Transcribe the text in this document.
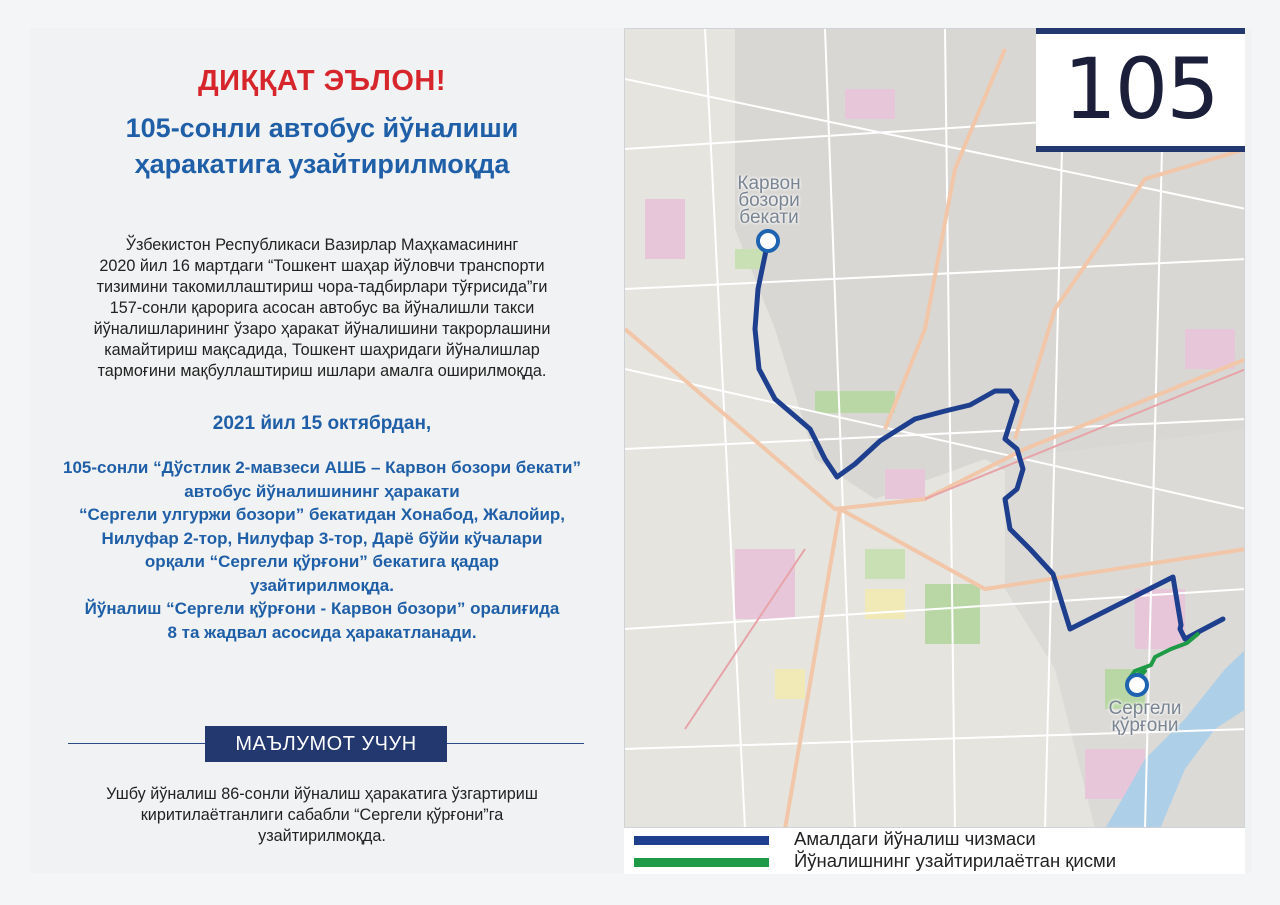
ДИҚҚАТ ЭЪЛОН!
105-сонли автобус йўналиши
ҳаракатига узайтирилмоқда
Ўзбекистон Республикаси Вазирлар Маҳкамасининг
2020 йил 16 мартдаги “Тошкент шаҳар йўловчи транспорти
тизимини такомиллаштириш чора-тадбирлари тўғрисида”ги
157-сонли қарорига асосан автобус ва йўналишли такси
йўналишларининг ўзаро ҳаракат йўналишини такрорлашини
камайтириш мақсадида, Тошкент шаҳридаги йўналишлар
тармоғини мақбуллаштириш ишлари амалга оширилмоқда.
2021 йил 15 октябрдан,
105-сонли “Дўстлик 2-мавзеси АШБ – Карвон бозори бекати”
автобус йўналишининг ҳаракати
“Сергели улгуржи бозори” бекатидан Хонабод, Жалойир,
Нилуфар 2-тор, Нилуфар 3-тор, Дарё бўйи кўчалари
орқали “Сергели қўрғони” бекатига қадар
узайтирилмоқда.
Йўналиш “Сергели қўрғони - Карвон бозори” оралиғида
8 та жадвал асосида ҳаракатланади.
МАЪЛУМОТ УЧУН
Ушбу йўналиш 86-сонли йўналиш ҳаракатига ўзгартириш
киритилаётганлиги сабабли “Сергели қўрғони”га
узайтирилмоқда.
105
Карвон
бозори
бекати
Сергели
қўрғони
Амалдаги йўналиш чизмаси
Йўналишнинг узайтирилаётган қисми
